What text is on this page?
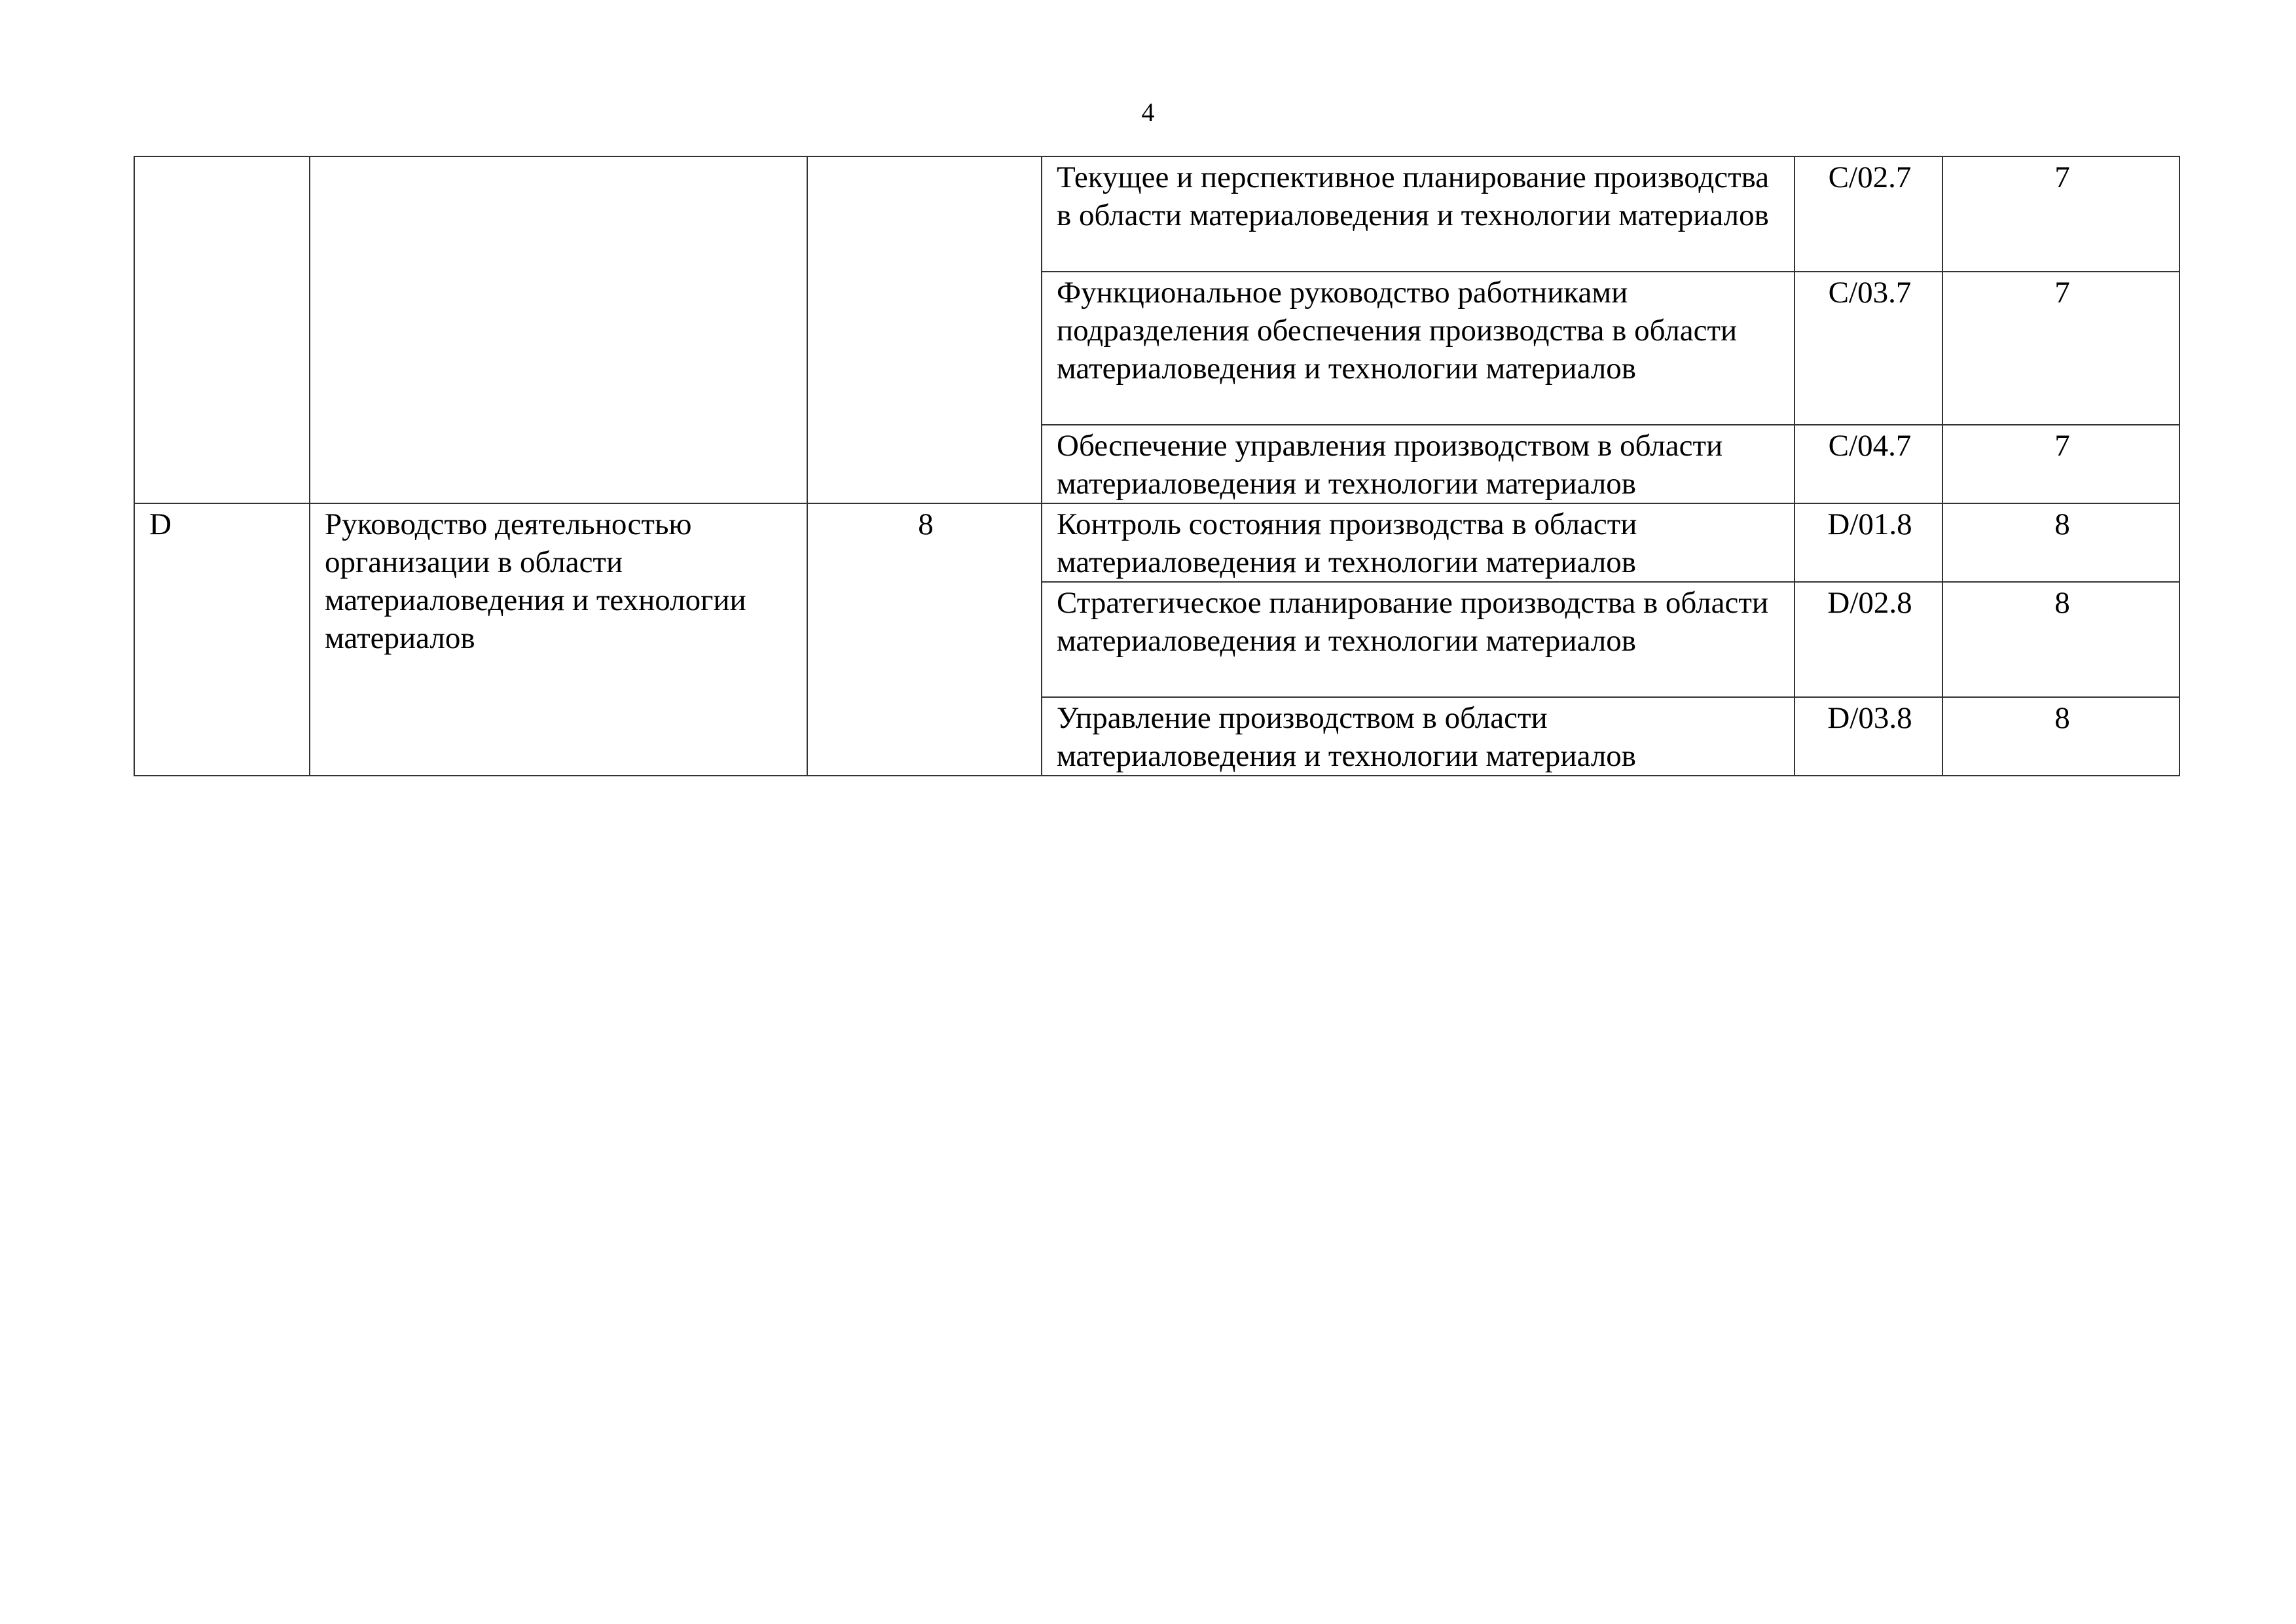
4
			Текущее и перспективное планирование производства в области материаловедения и технологии материалов	C/02.7	7
			Функциональное руководство работниками подразделения обеспечения производства в области материаловедения и технологии материалов	C/03.7	7
			Обеспечение управления производством в области материаловедения и технологии материалов	C/04.7	7
D	Руководство деятельностью организации в области материаловедения и технологии материалов	8	Контроль состояния производства в области материаловедения и технологии материалов	D/01.8	8
			Стратегическое планирование производства в области материаловедения и технологии материалов	D/02.8	8
			Управление производством в области материаловедения и технологии материалов	D/03.8	8
